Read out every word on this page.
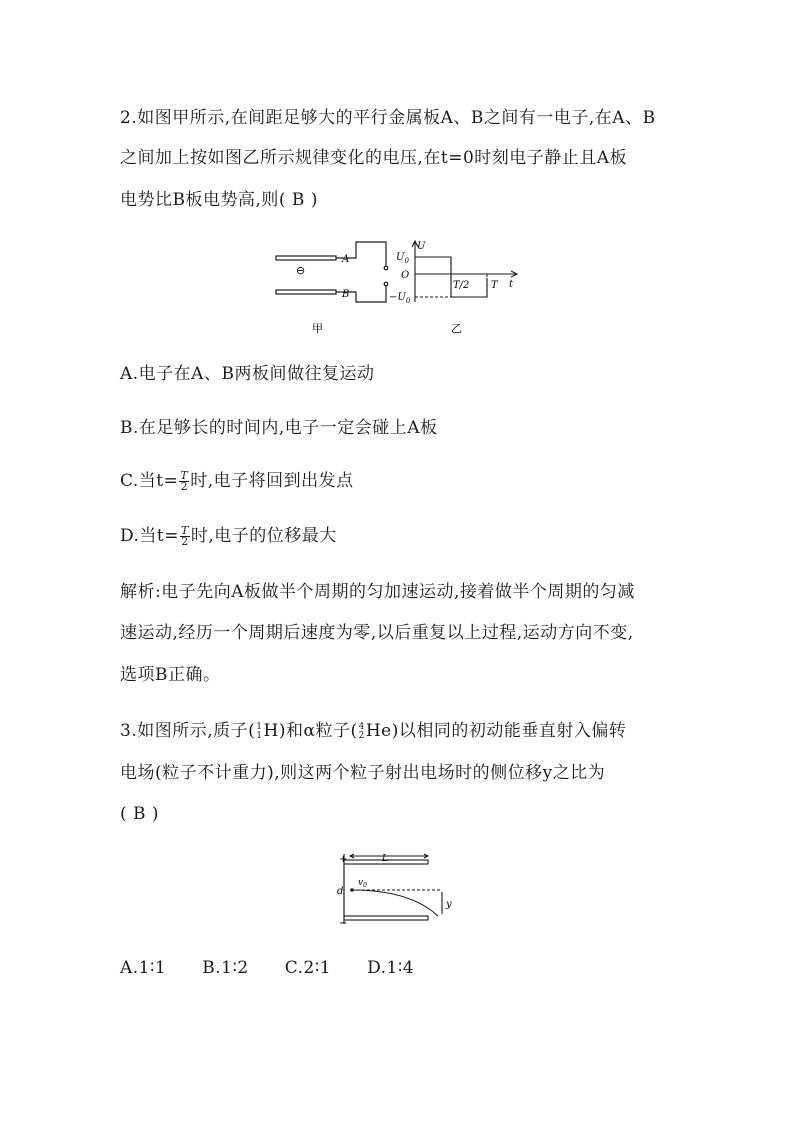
2.如图甲所示,在间距足够大的平行金属板A、B之间有一电子,在A、B
之间加上按如图乙所示规律变化的电压,在t=0时刻电子静止且A板
电势比B板电势高,则( B )
A
B
⊖
甲
U
$U_0$
O
$-U_0$
T/2 T t
乙
A.电子在A、B两板间做往复运动
B.在足够长的时间内,电子一定会碰上A板
C.当$t= \frac{T}{2}$ 时,电子将回到出发点
D.当$t= \frac{T}{2}$ 时,电子的位移最大
解析:电子先向A板做半个周期的匀加速运动,接着做半个周期的匀减
速运动,经历一个周期后速度为零,以后重复以上过程,运动方向不变,
选项B正确。
3.如图所示,质子( 1
1 H)和α粒子( 4
2 He)以相同的初动能垂直射入偏转
电场(粒子不计重力),则这两个粒子射出电场时的侧位移y之比为
( B )
+
−
L
d
$v_0$
y
A.1∶1 B.1∶2 C.2∶1 D.1∶4
